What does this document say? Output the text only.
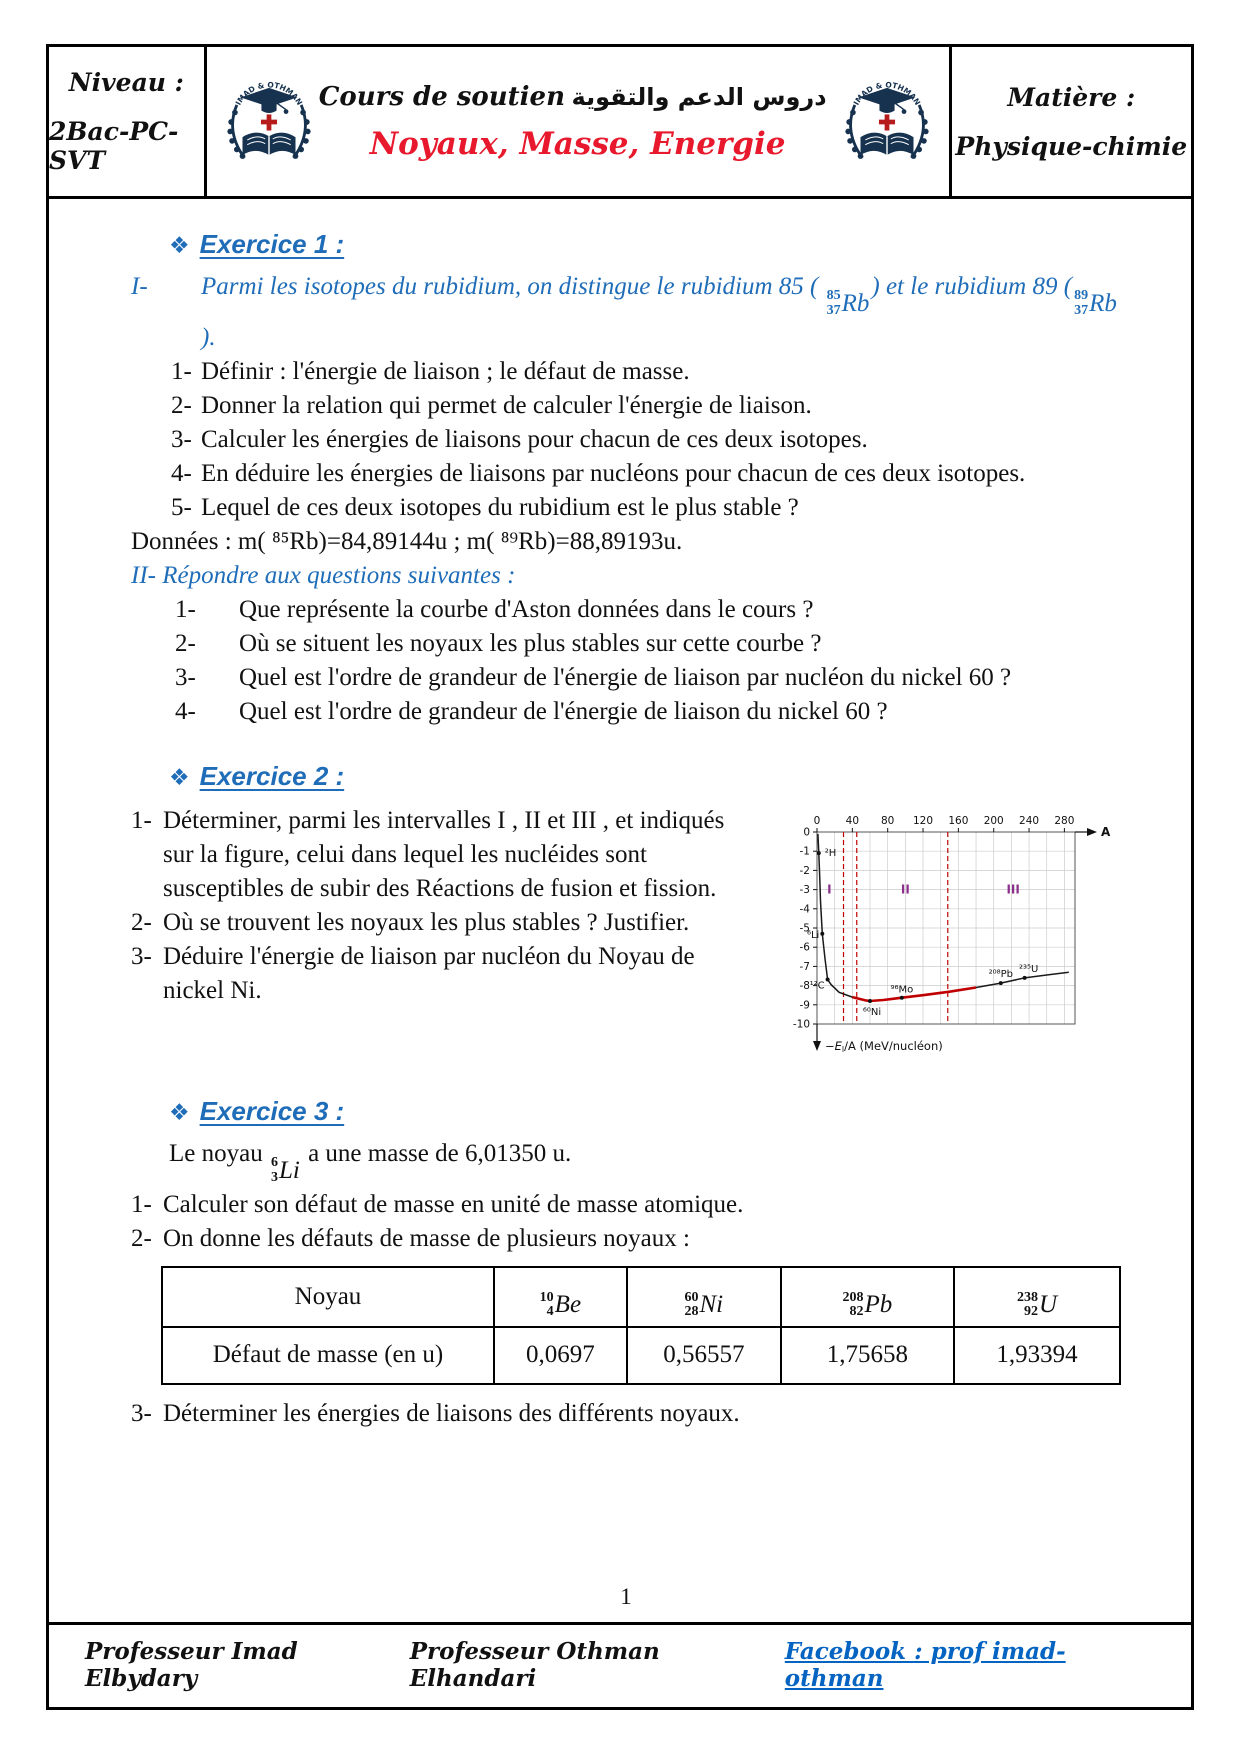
Niveau :
2Bac-PC-SVT
Cours de soutien دروس الدعم والتقوية
Noyaux, Masse, Energie
Matière :
Physique-chimie
❖ Exercice 1 :
I-	Parmi les isotopes du rubidium, on distingue le rubidium 85 ( 85
37 Rb
) et le rubidium 89 ( 89
37 Rb
).
1- Définir : l'énergie de liaison ; le défaut de masse.
2- Donner la relation qui permet de calculer l'énergie de liaison.
3- Calculer les énergies de liaisons pour chacun de ces deux isotopes.
4- En déduire les énergies de liaisons par nucléons pour chacun de ces deux isotopes.
5- Lequel de ces deux isotopes du rubidium est le plus stable ?
Données : m( ⁸⁵Rb)=84,89144u ; m( ⁸⁹Rb)=88,89193u.
II- Répondre aux questions suivantes :
1-	Que représente la courbe d'Aston données dans le cours ?
2-	Où se situent les noyaux les plus stables sur cette courbe ?
3-	Quel est l'ordre de grandeur de l'énergie de liaison par nucléon du nickel 60 ?
4-	Quel est l'ordre de grandeur de l'énergie de liaison du nickel 60 ?
❖ Exercice 2 :
1- Déterminer, parmi les intervalles I , II et III , et indiqués sur la figure, celui dans lequel les nucléides sont susceptibles de subir des Réactions de fusion et fission.
2- Où se trouvent les noyaux les plus stables ? Justifier.
3- Déduire l'énergie de liaison par nucléon du Noyau de nickel Ni.
A
0 40 80 120 160 200 240 280
0
-1
-2
-3
-4
-5
-6
-7
-8
-9
-10
−El/A (MeV/nucléon)
²H
⁶Li
¹²C
⁶⁰Ni
⁹⁶Mo
²⁰⁸Pb ²³⁵U
I	II	III
❖ Exercice 3 :
Le noyau 6
3 Li
a une masse de 6,01350 u.
1- Calculer son défaut de masse en unité de masse atomique.
2- On donne les défauts de masse de plusieurs noyaux :
Noyau	10
4 Be	60
28 Ni	208
82 Pb	238
92 U

Défaut de masse (en u)	0,0697	0,56557	1,75658	1,93394
3- Déterminer les énergies de liaisons des différents noyaux.
1
Professeur Imad Elbydary
Professeur Othman Elhandari
Facebook : prof imad-othman
